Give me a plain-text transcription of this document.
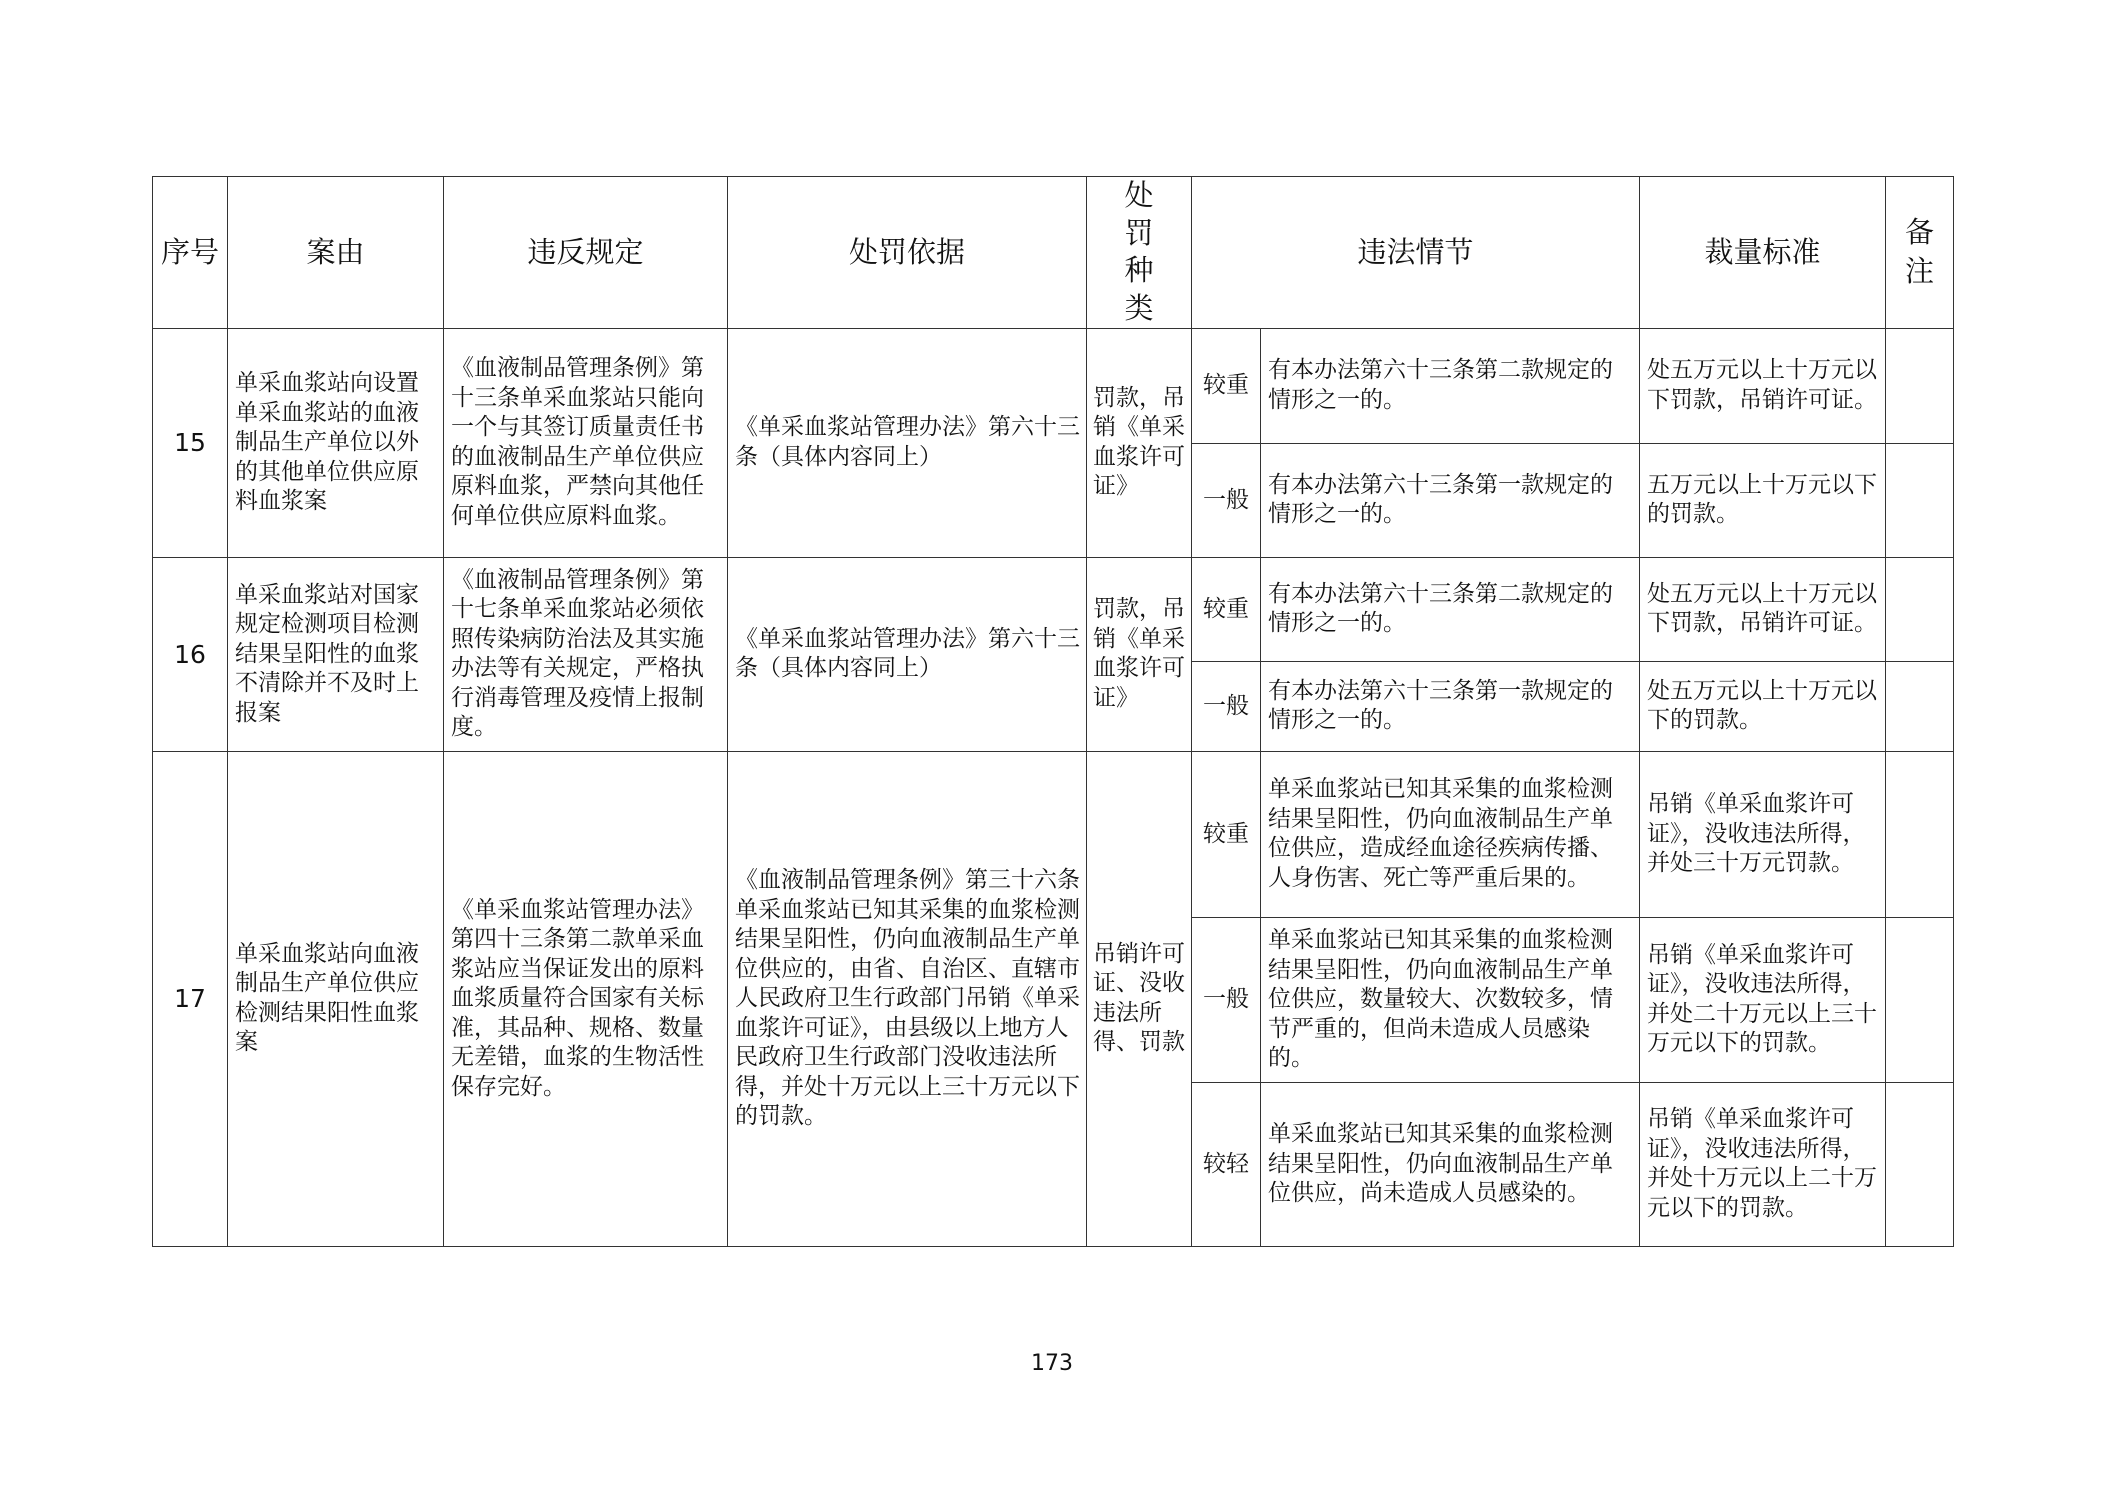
序号	案由	违反规定	处罚依据	处罚种类	违法情节		裁量标准	备注
15	单采血浆站向设置单采血浆站的血液制品生产单位以外的其他单位供应原料血浆案	《血液制品管理条例》第十三条单采血浆站只能向一个与其签订质量责任书的血液制品生产单位供应原料血浆，严禁向其他任何单位供应原料血浆。	《单采血浆站管理办法》第六十三条（具体内容同上）	罚款，吊销《单采血浆许可证》	较重	有本办法第六十三条第二款规定的情形之一的。	处五万元以上十万元以下罚款，吊销许可证。	

					一般	有本办法第六十三条第一款规定的情形之一的。	五万元以上十万元以下的罚款。	

16	单采血浆站对国家规定检测项目检测结果呈阳性的血浆不清除并不及时上报案	《血液制品管理条例》第十七条单采血浆站必须依照传染病防治法及其实施办法等有关规定，严格执行消毒管理及疫情上报制度。	《单采血浆站管理办法》第六十三条（具体内容同上）	罚款，吊销《单采血浆许可证》	较重	有本办法第六十三条第二款规定的情形之一的。	处五万元以上十万元以下罚款，吊销许可证。	

					一般	有本办法第六十三条第一款规定的情形之一的。	处五万元以上十万元以下的罚款。	

17	单采血浆站向血液制品生产单位供应检测结果阳性血浆案	《单采血浆站管理办法》第四十三条第二款单采血浆站应当保证发出的原料血浆质量符合国家有关标准，其品种、规格、数量无差错，血浆的生物活性保存完好。	《血液制品管理条例》第三十六条单采血浆站已知其采集的血浆检测结果呈阳性，仍向血液制品生产单位供应的，由省、自治区、直辖市人民政府卫生行政部门吊销《单采血浆许可证》，由县级以上地方人民政府卫生行政部门没收违法所得，并处十万元以上三十万元以下的罚款。	吊销许可证、没收违法所得、罚款	较重	单采血浆站已知其采集的血浆检测结果呈阳性，仍向血液制品生产单位供应，造成经血途径疾病传播、人身伤害、死亡等严重后果的。	吊销《单采血浆许可证》，没收违法所得，并处三十万元罚款。	

					一般	单采血浆站已知其采集的血浆检测结果呈阳性，仍向血液制品生产单位供应，数量较大、次数较多，情节严重的，但尚未造成人员感染的。	吊销《单采血浆许可证》，没收违法所得，并处二十万元以上三十万元以下的罚款。	

					较轻	单采血浆站已知其采集的血浆检测结果呈阳性，仍向血液制品生产单位供应，尚未造成人员感染的。	吊销《单采血浆许可证》，没收违法所得，并处十万元以上二十万元以下的罚款。	

173
